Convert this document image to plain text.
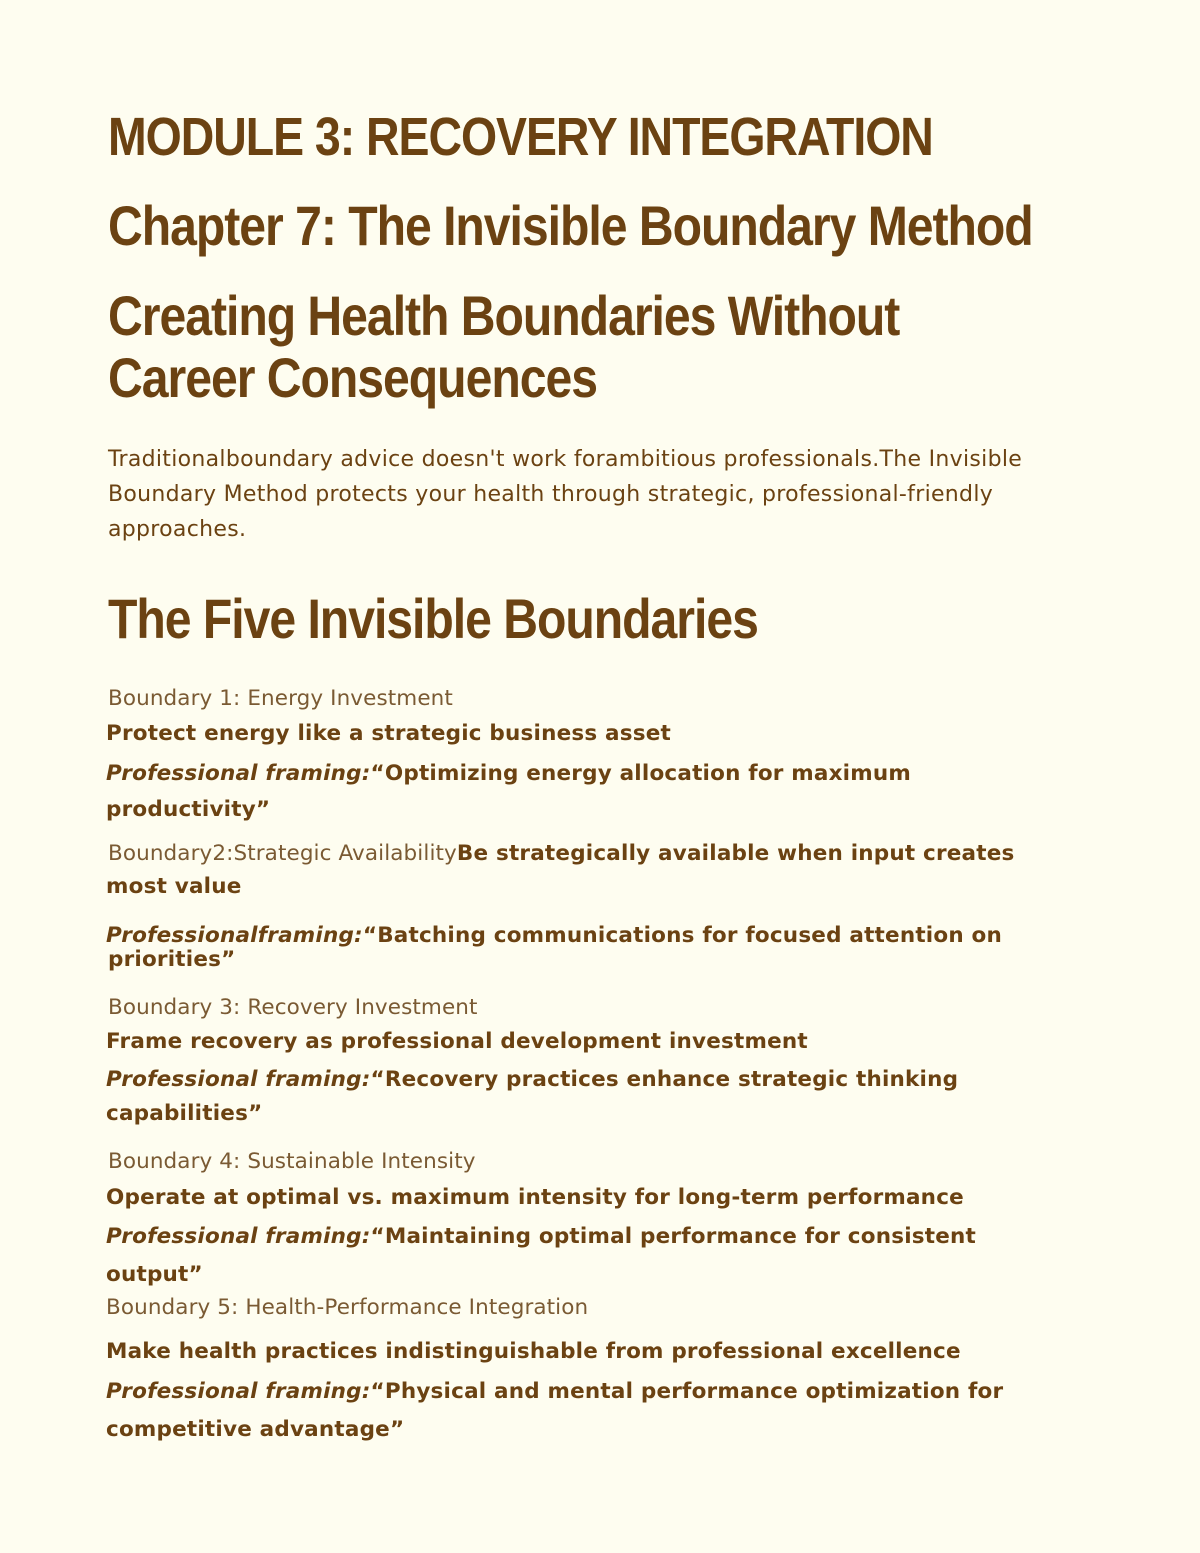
MODULE 3: RECOVERY INTEGRATION
Chapter 7: The Invisible Boundary Method
Creating Health Boundaries Without
Career Consequences

Traditionalboundary advice doesn't work forambitious professionals.The Invisible Boundary Method protects your health through strategic, professional-friendly approaches.

The Five Invisible Boundaries

Boundary 1: Energy Investment

Protect energy like a strategic business asset

Professional framing:“Optimizing energy allocation for maximum
productivity”

Boundary2:Strategic AvailabilityBe strategically available when input creates

most value

Professionalframing:“Batching communications for focused attention on
priorities”

Boundary 3: Recovery Investment

Frame recovery as professional development investment

Professional framing:“Recovery practices enhance strategic thinking
capabilities”

Boundary 4: Sustainable Intensity

Operate at optimal vs. maximum intensity for long-term performance

Professional framing:“Maintaining optimal performance for consistent
output”

Boundary 5: Health-Performance Integration

Make health practices indistinguishable from professional excellence

Professional framing:“Physical and mental performance optimization for
competitive advantage”
